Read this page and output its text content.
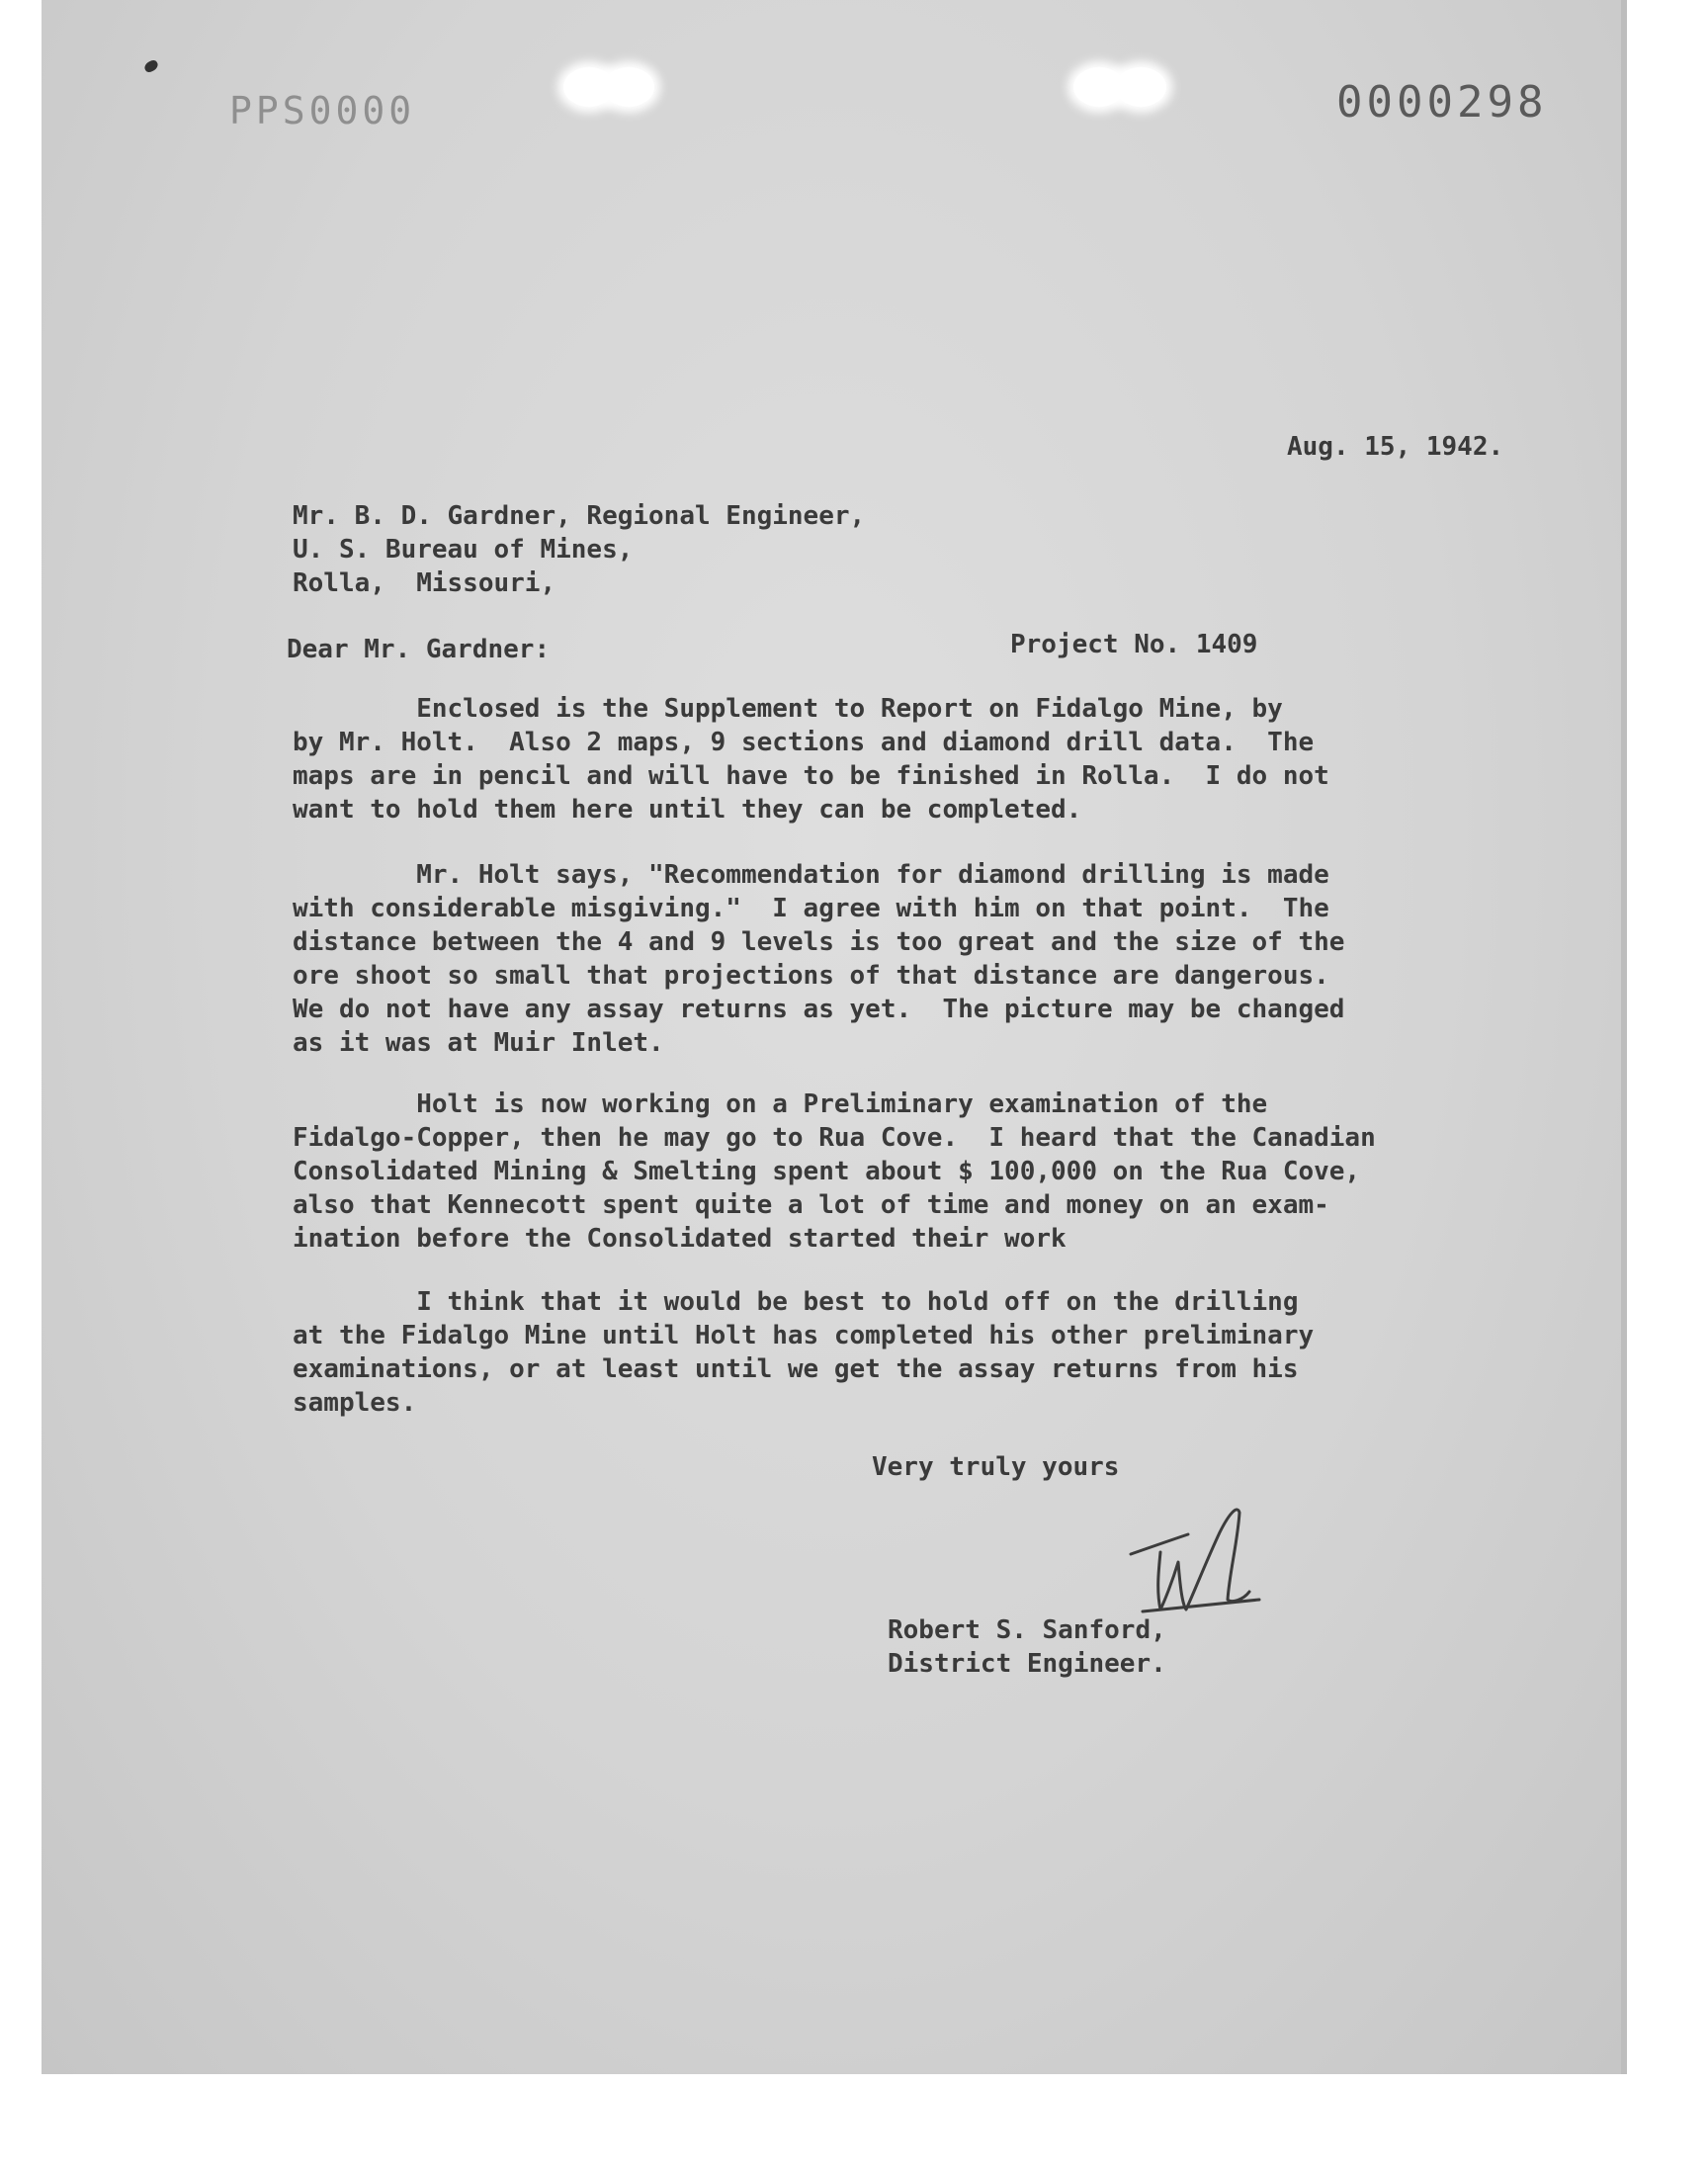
PPS0000	0000298
Aug. 15, 1942.

Mr. B. D. Gardner, Regional Engineer,

U. S. Bureau of Mines,

Rolla,  Missouri,

Dear Mr. Gardner:	Project No. 1409

Enclosed is the Supplement to Report on Fidalgo Mine, by

by Mr. Holt.  Also 2 maps, 9 sections and diamond drill data.  The

maps are in pencil and will have to be finished in Rolla.  I do not

want to hold them here until they can be completed.

Mr. Holt says, "Recommendation for diamond drilling is made

with considerable misgiving."  I agree with him on that point.  The

distance between the 4 and 9 levels is too great and the size of the

ore shoot so small that projections of that distance are dangerous.

We do not have any assay returns as yet.  The picture may be changed

as it was at Muir Inlet.

Holt is now working on a Preliminary examination of the

Fidalgo-Copper, then he may go to Rua Cove.  I heard that the Canadian

Consolidated Mining & Smelting spent about $ 100,000 on the Rua Cove,

also that Kennecott spent quite a lot of time and money on an exam-

ination before the Consolidated started their work

I think that it would be best to hold off on the drilling

at the Fidalgo Mine until Holt has completed his other preliminary

examinations, or at least until we get the assay returns from his

samples.

Very truly yours
Robert S. Sanford,
District Engineer.
